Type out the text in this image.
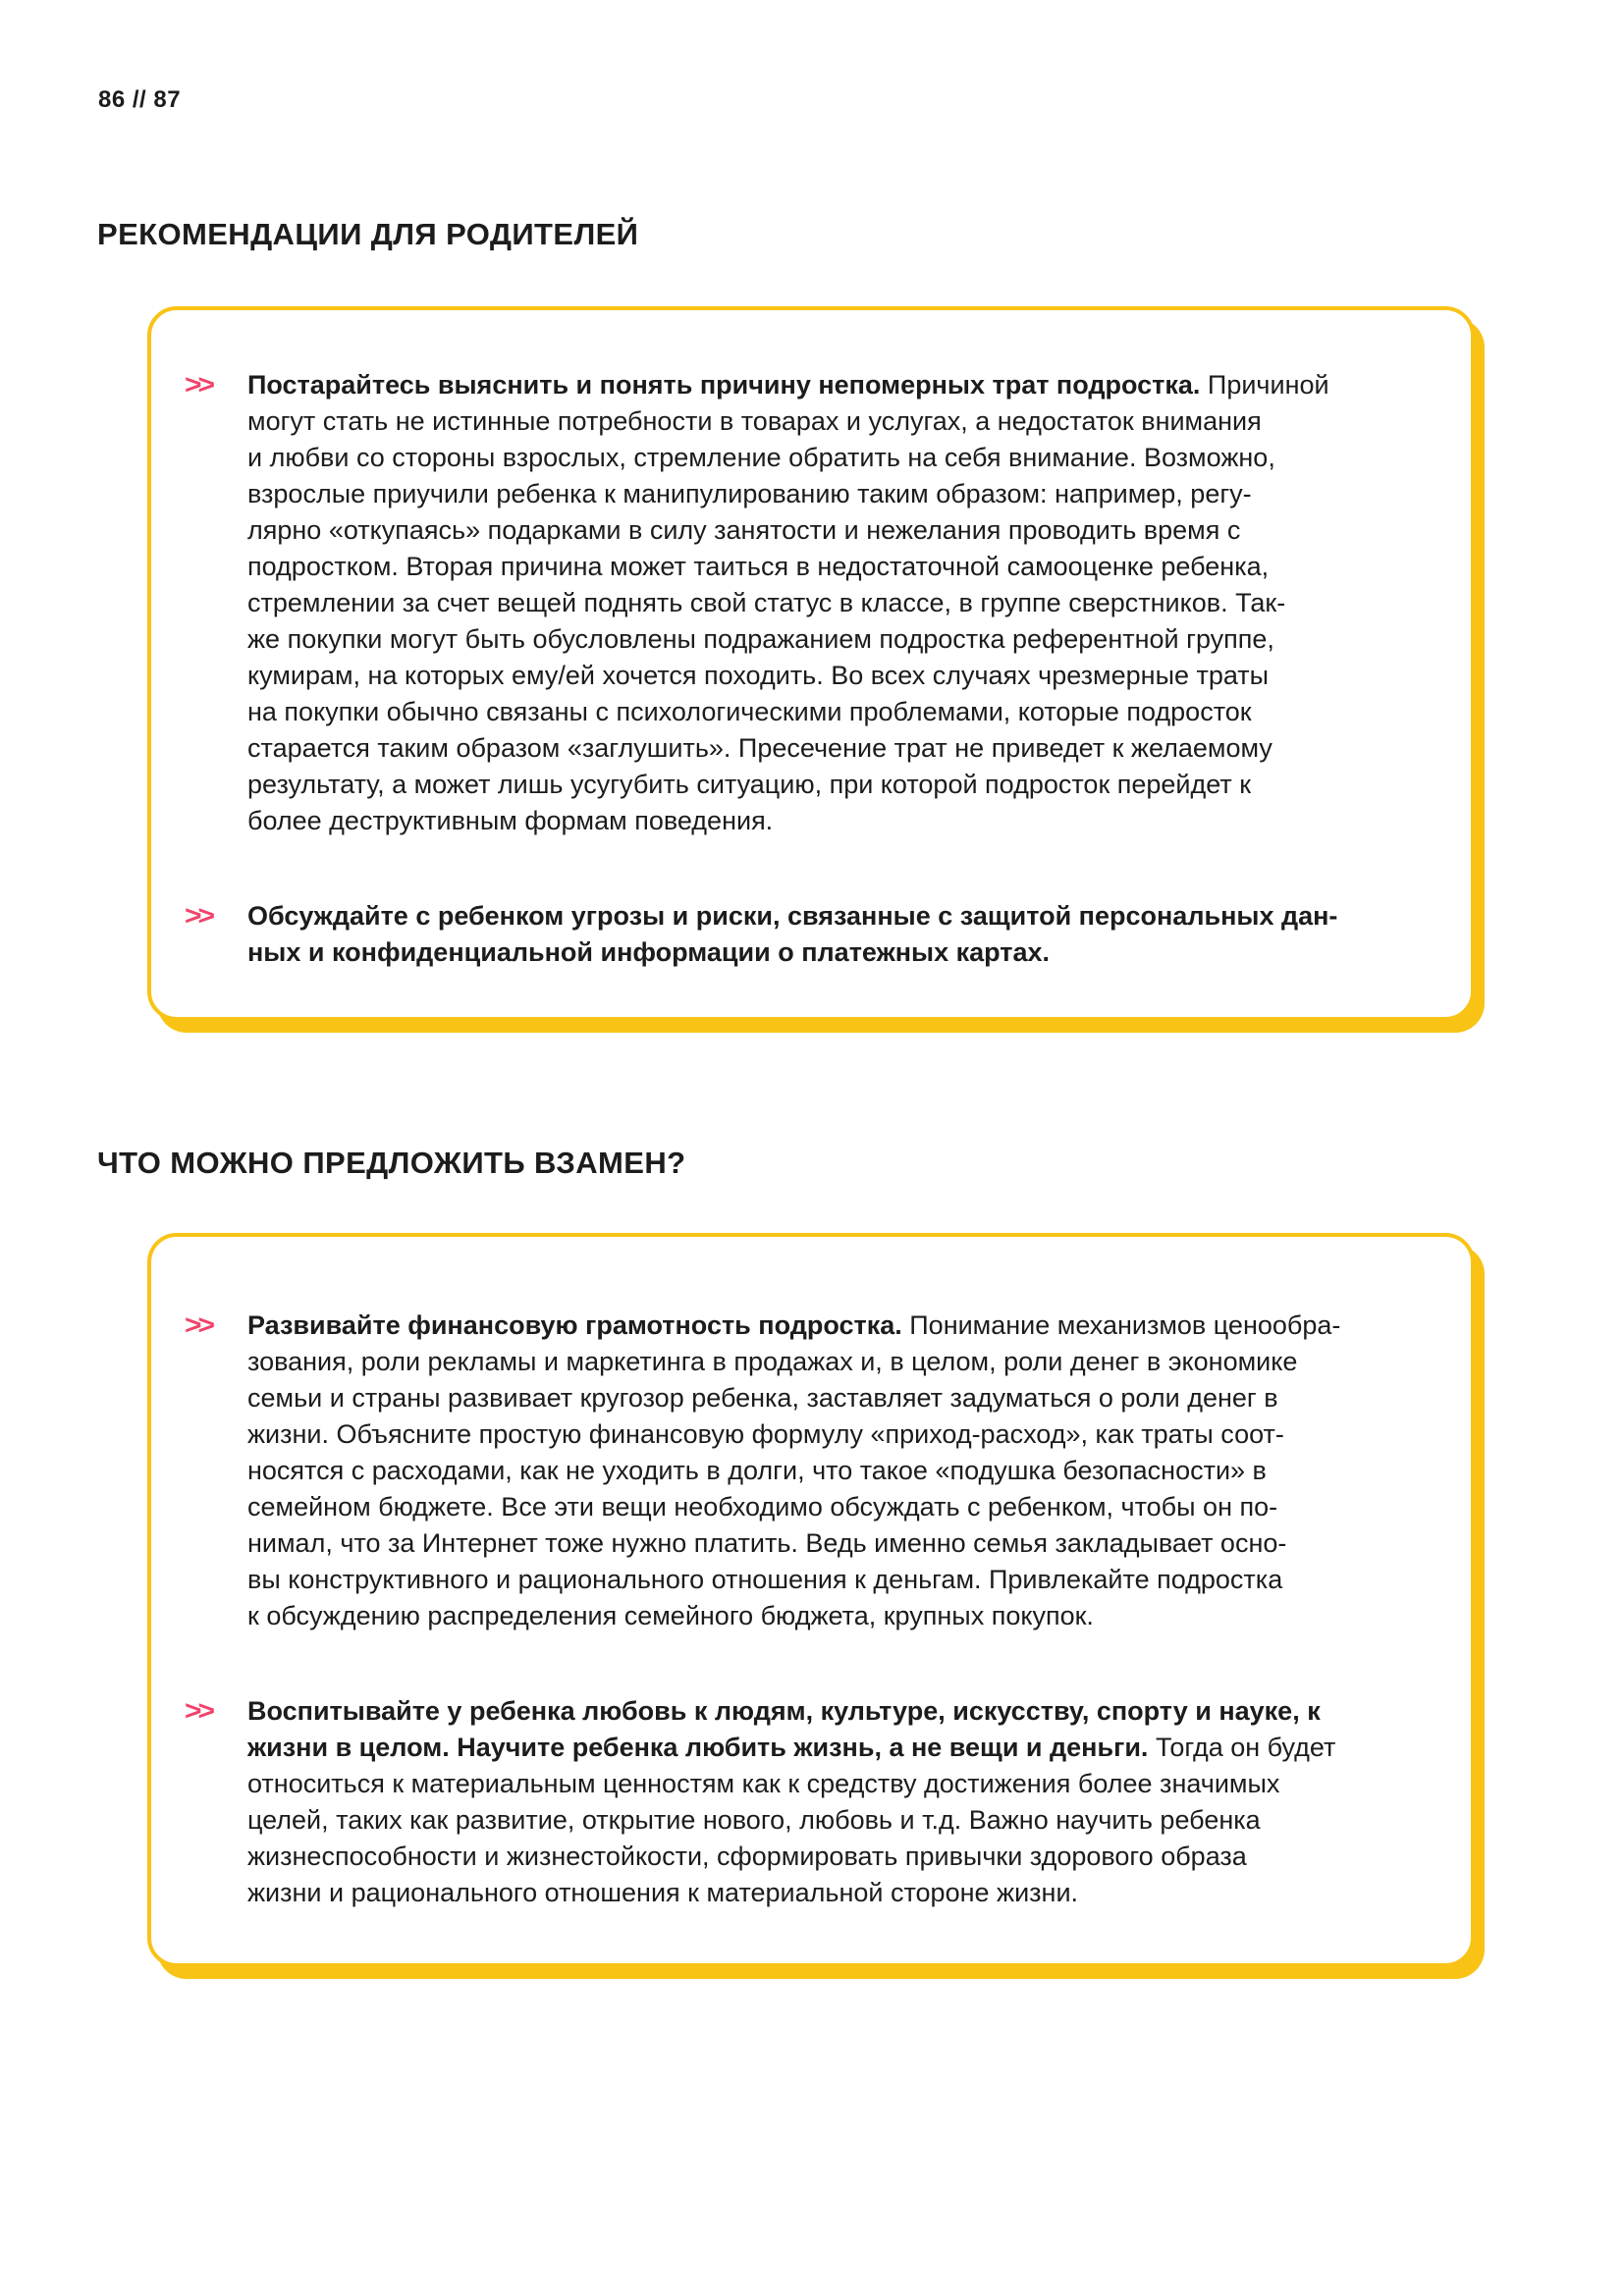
86 // 87
РЕКОМЕНДАЦИИ ДЛЯ РОДИТЕЛЕЙ
>>	Постарайтесь выяснить и понять причину непомерных трат подростка. Причиной
могут стать не истинные потребности в товарах и услугах, а недостаток внимания
и любви со стороны взрослых, стремление обратить на себя внимание. Возможно,
взрослые приучили ребенка к манипулированию таким образом: например, регу-
лярно «откупаясь» подарками в силу занятости и нежелания проводить время с
подростком. Вторая причина может таиться в недостаточной самооценке ребенка,
стремлении за счет вещей поднять свой статус в классе, в группе сверстников. Так-
же покупки могут быть обусловлены подражанием подростка референтной группе,
кумирам, на которых ему/ей хочется походить. Во всех случаях чрезмерные траты
на покупки обычно связаны с психологическими проблемами, которые подросток
старается таким образом «заглушить». Пресечение трат не приведет к желаемому
результату, а может лишь усугубить ситуацию, при которой подросток перейдет к
более деструктивным формам поведения.
>>	Обсуждайте с ребенком угрозы и риски, связанные с защитой персональных дан-
ных и конфиденциальной информации о платежных картах.
ЧТО МОЖНО ПРЕДЛОЖИТЬ ВЗАМЕН?
>>	Развивайте финансовую грамотность подростка. Понимание механизмов ценообра-
зования, роли рекламы и маркетинга в продажах и, в целом, роли денег в экономике
семьи и страны развивает кругозор ребенка, заставляет задуматься о роли денег в
жизни. Объясните простую финансовую формулу «приход-расход», как траты соот-
носятся с расходами, как не уходить в долги, что такое «подушка безопасности» в
семейном бюджете. Все эти вещи необходимо обсуждать с ребенком, чтобы он по-
нимал, что за Интернет тоже нужно платить. Ведь именно семья закладывает осно-
вы конструктивного и рационального отношения к деньгам. Привлекайте подростка
к обсуждению распределения семейного бюджета, крупных покупок.
>>	Воспитывайте у ребенка любовь к людям, культуре, искусству, спорту и науке, к
жизни в целом. Научите ребенка любить жизнь, а не вещи и деньги. Тогда он будет
относиться к материальным ценностям как к средству достижения более значимых
целей, таких как развитие, открытие нового, любовь и т.д. Важно научить ребенка
жизнеспособности и жизнестойкости, сформировать привычки здорового образа
жизни и рационального отношения к материальной стороне жизни.
